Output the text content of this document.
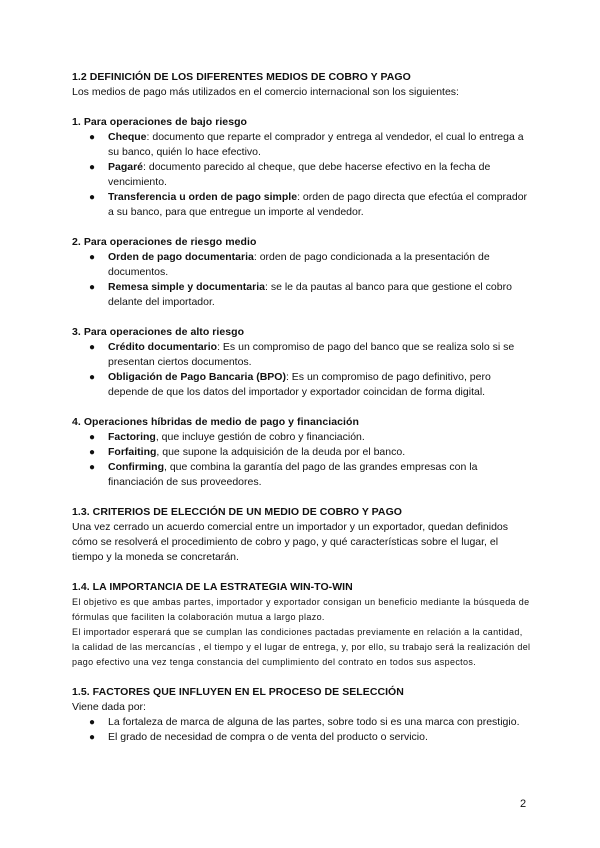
1.2 DEFINICIÓN DE LOS DIFERENTES MEDIOS DE COBRO Y PAGO
Los medios de pago más utilizados en el comercio internacional son los siguientes:
1. Para operaciones de bajo riesgo
● Cheque: documento que reparte el comprador y entrega al vendedor, el cual lo entrega a su banco, quién lo hace efectivo.
● Pagaré: documento parecido al cheque, que debe hacerse efectivo en la fecha de vencimiento.
● Transferencia u orden de pago simple: orden de pago directa que efectúa el comprador a su banco, para que entregue un importe al vendedor.
2. Para operaciones de riesgo medio
● Orden de pago documentaria: orden de pago condicionada a la presentación de documentos.
● Remesa simple y documentaria: se le da pautas al banco para que gestione el cobro delante del importador.
3. Para operaciones de alto riesgo
● Crédito documentario: Es un compromiso de pago del banco que se realiza solo si se presentan ciertos documentos.
● Obligación de Pago Bancaria (BPO): Es un compromiso de pago definitivo, pero depende de que los datos del importador y exportador coincidan de forma digital.
4. Operaciones híbridas de medio de pago y financiación
● Factoring, que incluye gestión de cobro y financiación.
● Forfaiting, que supone la adquisición de la deuda por el banco.
● Confirming, que combina la garantía del pago de las grandes empresas con la financiación de sus proveedores.
1.3. CRITERIOS DE ELECCIÓN DE UN MEDIO DE COBRO Y PAGO
Una vez cerrado un acuerdo comercial entre un importador y un exportador, quedan definidos cómo se resolverá el procedimiento de cobro y pago, y qué características sobre el lugar, el tiempo y la moneda se concretarán.
1.4. LA IMPORTANCIA DE LA ESTRATEGIA WIN-TO-WIN
El objetivo es que ambas partes, importador y exportador consigan un beneficio mediante la búsqueda de fórmulas que faciliten la colaboración mutua a largo plazo.
El importador esperará que se cumplan las condiciones pactadas previamente en relación a la cantidad, la calidad de las mercancías , el tiempo y el lugar de entrega, y, por ello, su trabajo será la realización del pago efectivo una vez tenga constancia del cumplimiento del contrato en todos sus aspectos.
1.5. FACTORES QUE INFLUYEN EN EL PROCESO DE SELECCIÓN
Viene dada por:
● La fortaleza de marca de alguna de las partes, sobre todo si es una marca con prestigio.
● El grado de necesidad de compra o de venta del producto o servicio.
2
